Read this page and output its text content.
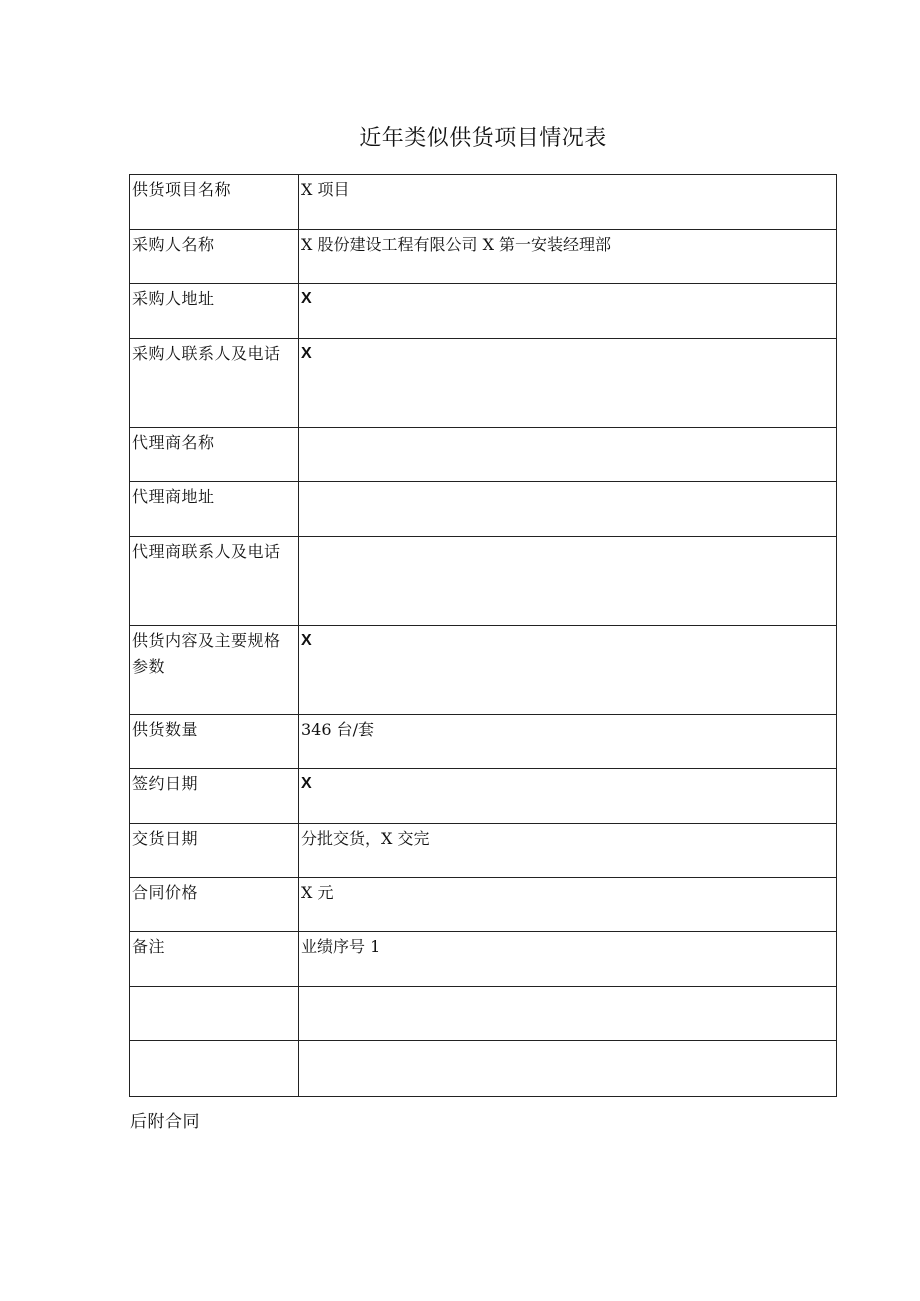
近年类似供货项目情况表
供货项目名称	X 项目
采购人名称	X 股份建设工程有限公司 X 第一安装经理部
采购人地址	X
采购人联系人及电话	X
代理商名称	
代理商地址	
代理商联系人及电话	
供货内容及主要规格参数	X
供货数量	346 台/套
签约日期	X
交货日期	分批交货，X 交完
合同价格	X 元
备注	业绩序号 1

后附合同
